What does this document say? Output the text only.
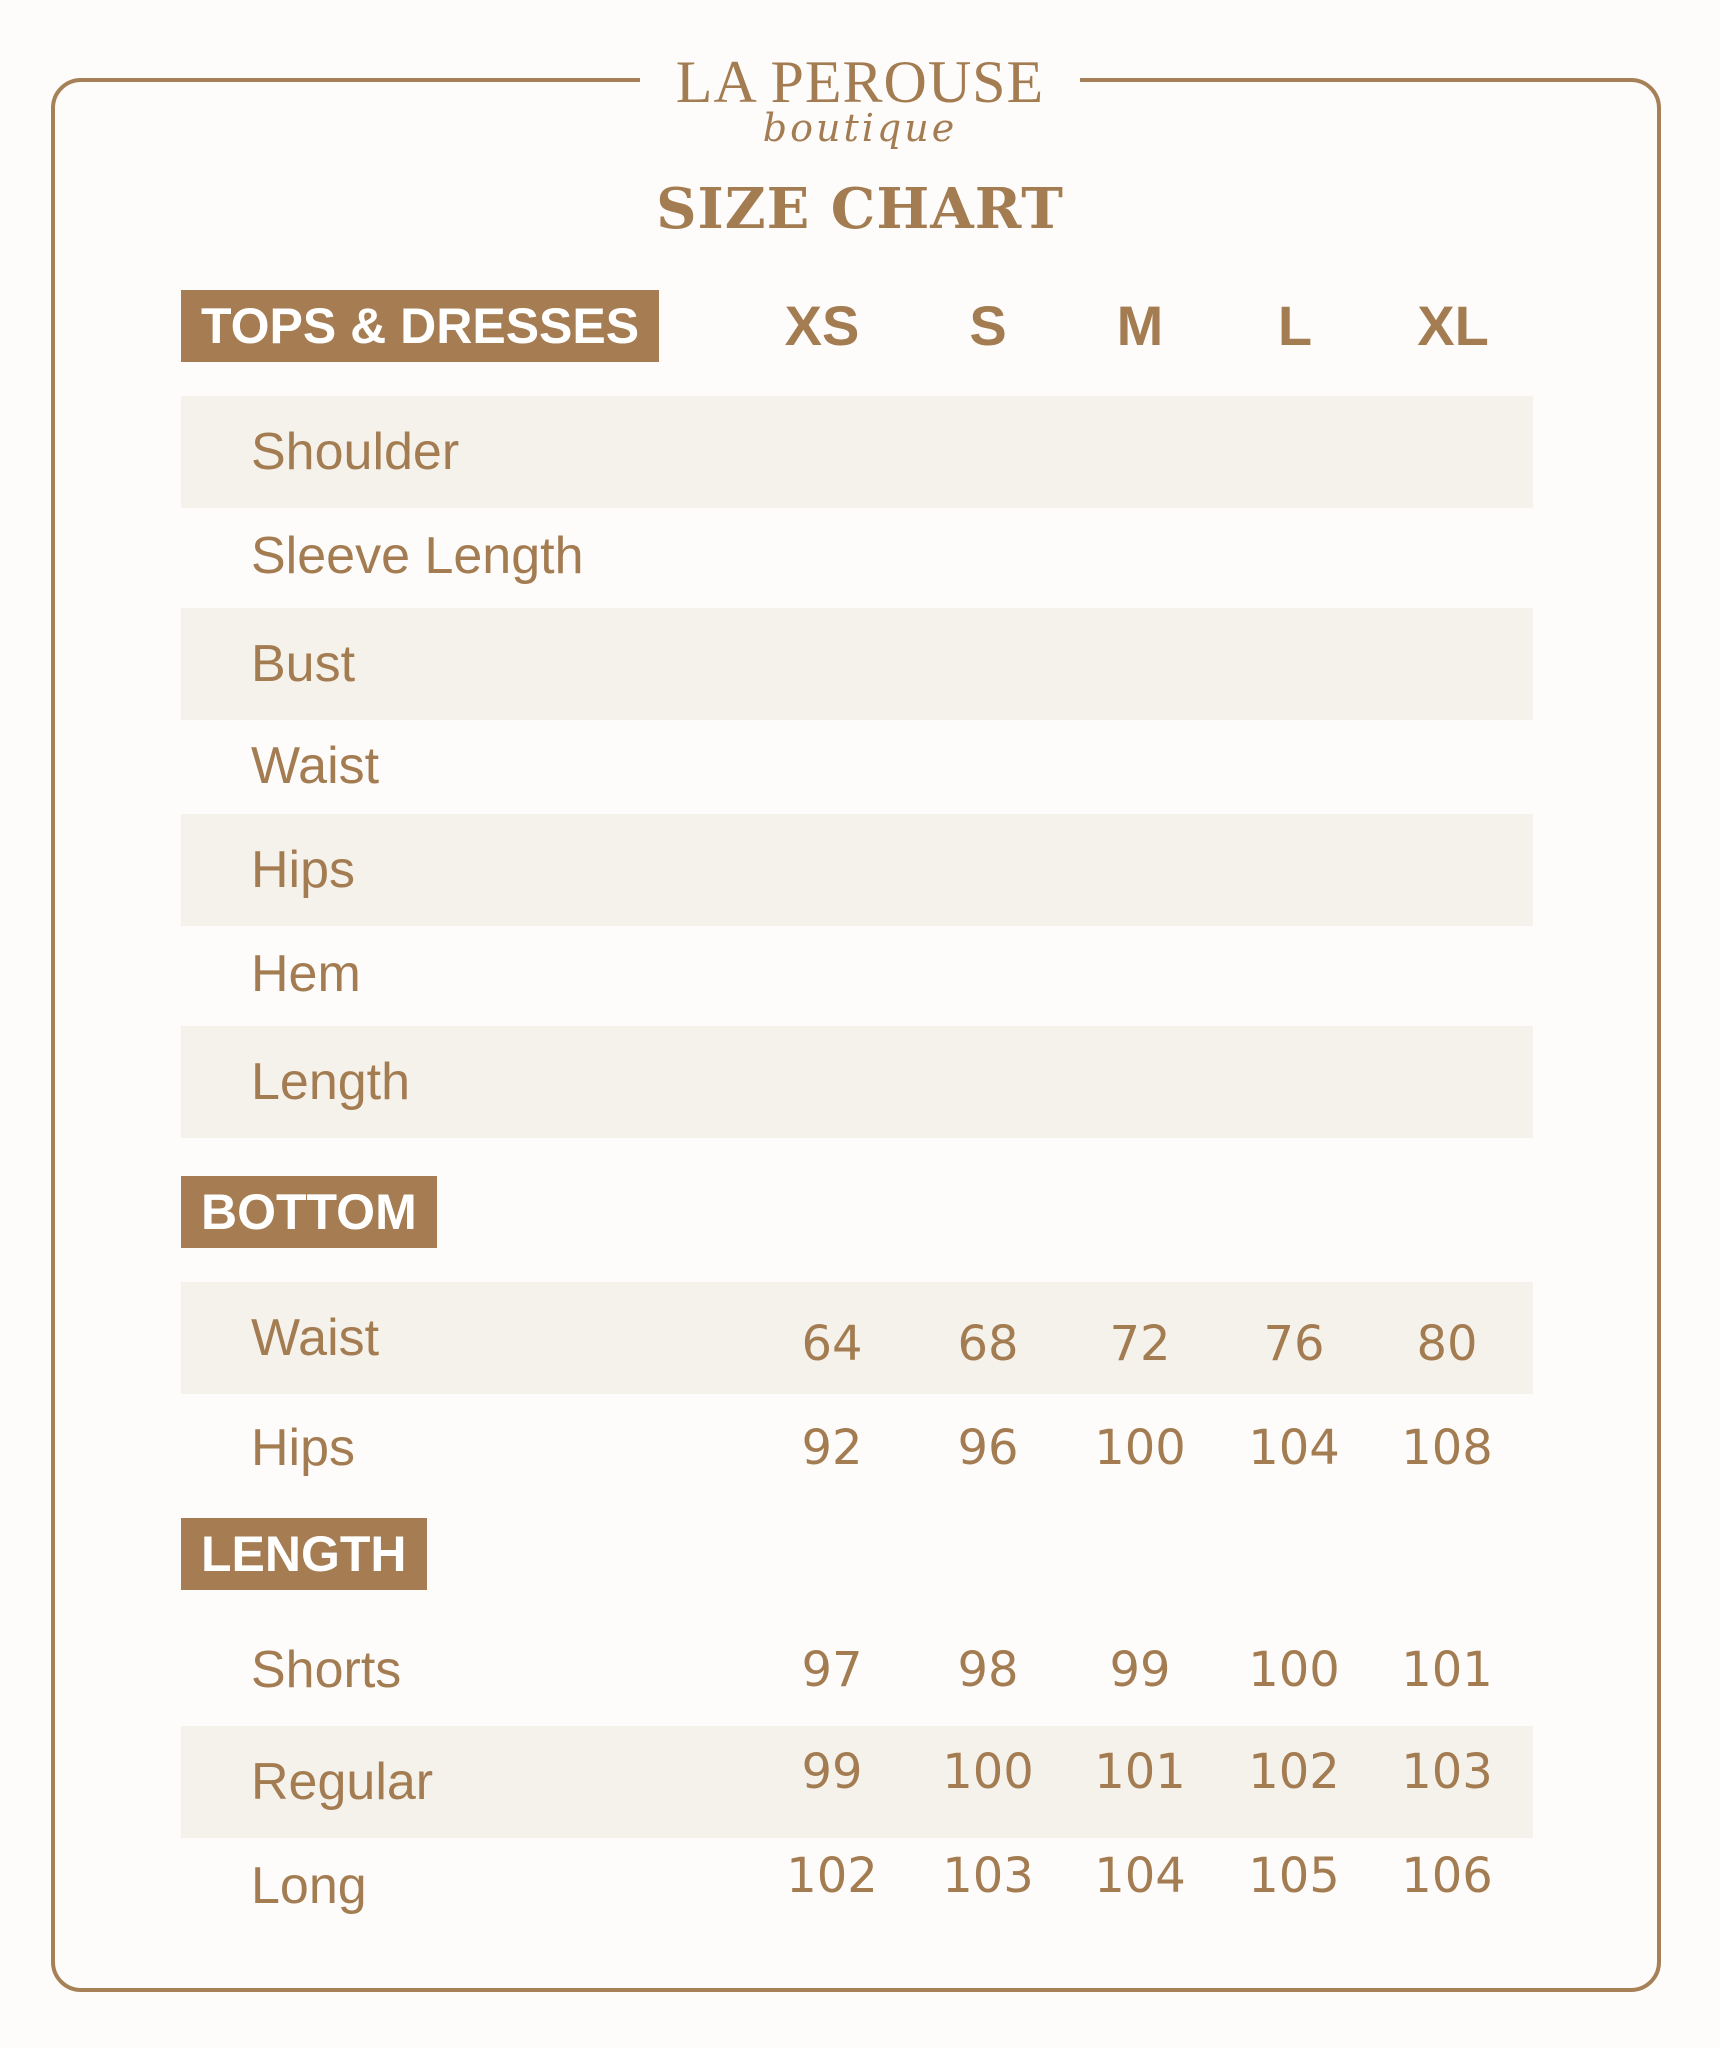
LA PEROUSE
boutique
SIZE CHART
TOPS & DRESSES
BOTTOM
LENGTH
XS	S	M	L	XL
Shoulder
Sleeve Length
Bust
Waist
Hips
Hem
Length
Waist	64	68	72	76	80
Hips	92	96	100	104	108
Shorts	97	98	99	100	101
Regular	99	100	101	102	103
Long	102	103	104	105	106
